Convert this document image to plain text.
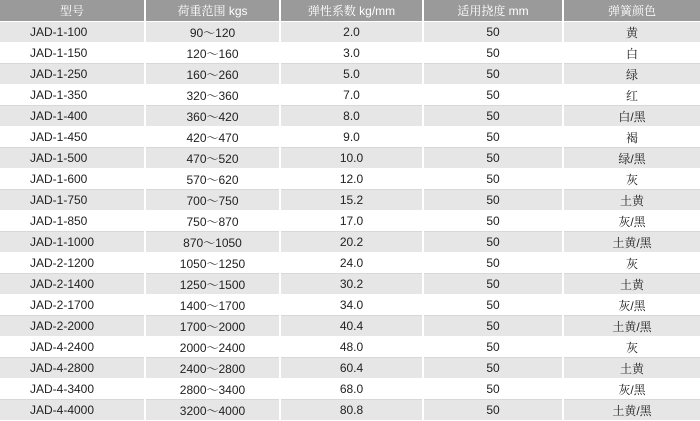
型号	荷重范围 kgs	弹性系数 kg/mm	适用挠度 mm	弹簧颜色
JAD-1-100	90～120	2.0	50	黄
JAD-1-150	120～160	3.0	50	白
JAD-1-250	160～260	5.0	50	绿
JAD-1-350	320～360	7.0	50	红
JAD-1-400	360～420	8.0	50	白/黑
JAD-1-450	420～470	9.0	50	褐
JAD-1-500	470～520	10.0	50	绿/黑
JAD-1-600	570～620	12.0	50	灰
JAD-1-750	700～750	15.2	50	土黄
JAD-1-850	750～870	17.0	50	灰/黑
JAD-1-1000	870～1050	20.2	50	土黄/黑
JAD-2-1200	1050～1250	24.0	50	灰
JAD-2-1400	1250～1500	30.2	50	土黄
JAD-2-1700	1400～1700	34.0	50	灰/黑
JAD-2-2000	1700～2000	40.4	50	土黄/黑
JAD-4-2400	2000～2400	48.0	50	灰
JAD-4-2800	2400～2800	60.4	50	土黄
JAD-4-3400	2800～3400	68.0	50	灰/黑
JAD-4-4000	3200～4000	80.8	50	土黄/黑
